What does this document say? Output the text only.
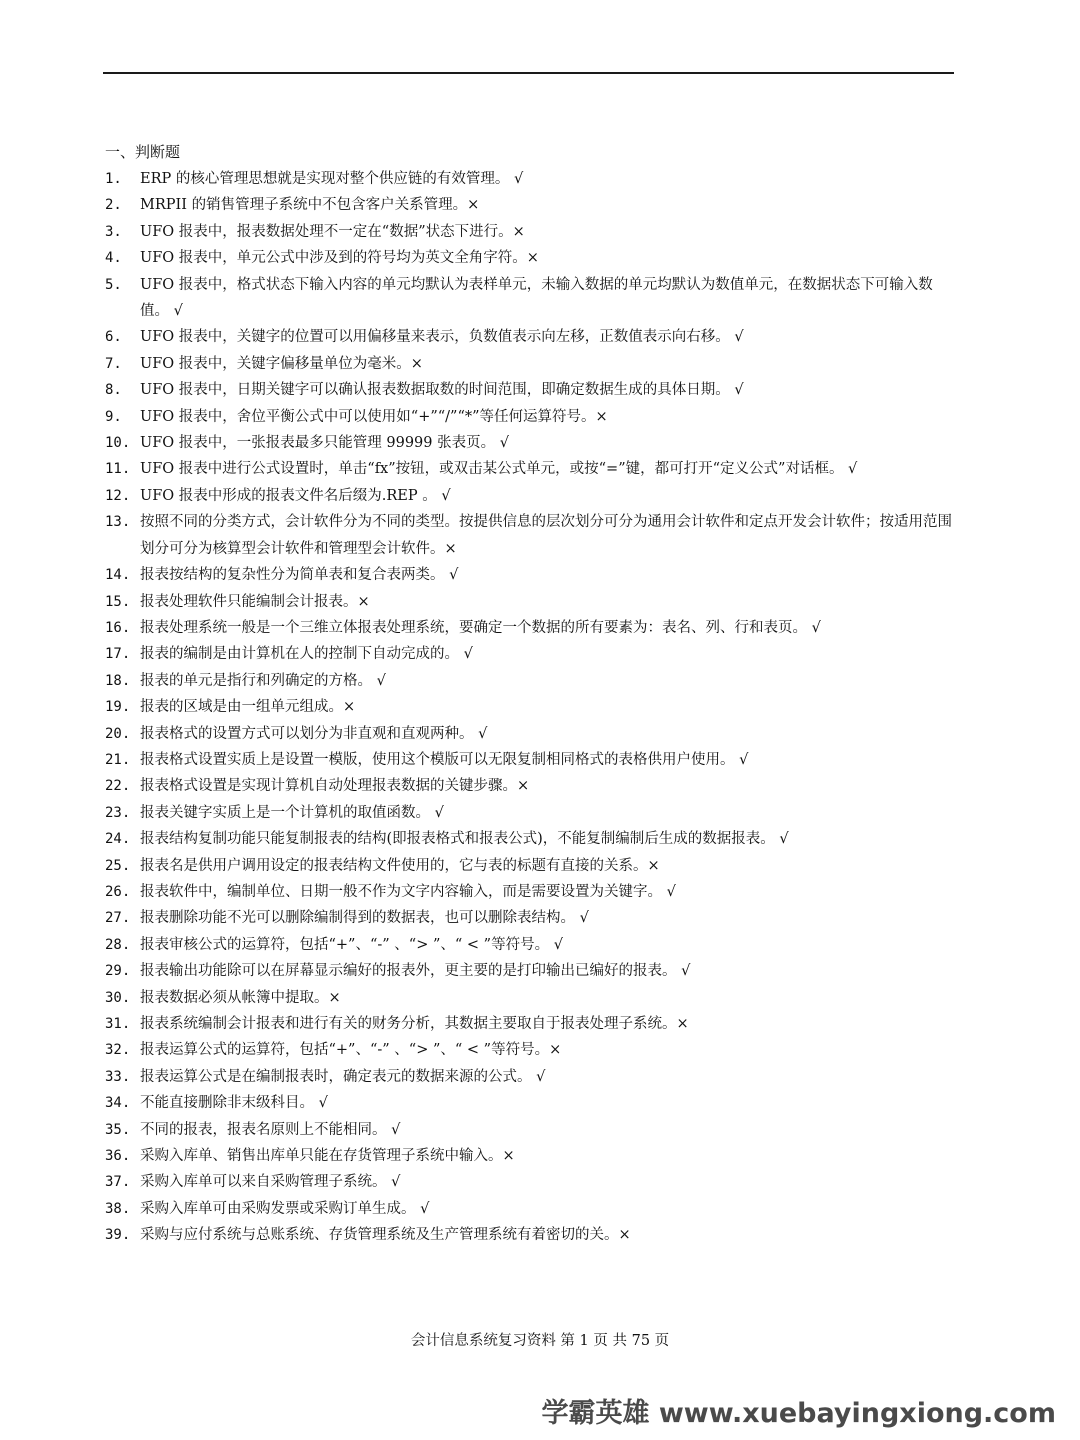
一、判断题
1. ERP 的核心管理思想就是实现对整个供应链的有效管理。 √
2. MRPII 的销售管理子系统中不包含客户关系管理。×
3. UFO 报表中，报表数据处理不一定在“数据”状态下进行。×
4. UFO 报表中，单元公式中涉及到的符号均为英文全角字符。×
5. UFO 报表中，格式状态下输入内容的单元均默认为表样单元，未输入数据的单元均默认为数值单元，在数据状态下可输入数值。 √
6. UFO 报表中，关键字的位置可以用偏移量来表示，负数值表示向左移，正数值表示向右移。 √
7. UFO 报表中，关键字偏移量单位为毫米。×
8. UFO 报表中，日期关键字可以确认报表数据取数的时间范围，即确定数据生成的具体日期。 √
9. UFO 报表中，舍位平衡公式中可以使用如“+”“/”“*”等任何运算符号。×
10. UFO 报表中，一张报表最多只能管理 99999 张表页。 √
11. UFO 报表中进行公式设置时，单击“fx”按钮，或双击某公式单元，或按“=”键，都可打开“定义公式”对话框。 √
12. UFO 报表中形成的报表文件名后缀为.REP 。 √
13. 按照不同的分类方式，会计软件分为不同的类型。按提供信息的层次划分可分为通用会计软件和定点开发会计软件；按适用范围划分可分为核算型会计软件和管理型会计软件。×
14. 报表按结构的复杂性分为简单表和复合表两类。 √
15. 报表处理软件只能编制会计报表。×
16. 报表处理系统一般是一个三维立体报表处理系统，要确定一个数据的所有要素为：表名、列、行和表页。 √
17. 报表的编制是由计算机在人的控制下自动完成的。 √
18. 报表的单元是指行和列确定的方格。 √
19. 报表的区域是由一组单元组成。×
20. 报表格式的设置方式可以划分为非直观和直观两种。 √
21. 报表格式设置实质上是设置一模版，使用这个模版可以无限复制相同格式的表格供用户使用。 √
22. 报表格式设置是实现计算机自动处理报表数据的关键步骤。×
23. 报表关键字实质上是一个计算机的取值函数。 √
24. 报表结构复制功能只能复制报表的结构(即报表格式和报表公式)，不能复制编制后生成的数据报表。 √
25. 报表名是供用户调用设定的报表结构文件使用的，它与表的标题有直接的关系。×
26. 报表软件中，编制单位、日期一般不作为文字内容输入，而是需要设置为关键字。 √
27. 报表删除功能不光可以删除编制得到的数据表，也可以删除表结构。 √
28. 报表审核公式的运算符，包括“+”、“-” 、“> ”、“ < ”等符号。 √
29. 报表输出功能除可以在屏幕显示编好的报表外，更主要的是打印输出已编好的报表。 √
30. 报表数据必须从帐簿中提取。×
31. 报表系统编制会计报表和进行有关的财务分析，其数据主要取自于报表处理子系统。×
32. 报表运算公式的运算符，包括“+”、“-” 、“> ”、“ < ”等符号。×
33. 报表运算公式是在编制报表时，确定表元的数据来源的公式。 √
34. 不能直接删除非末级科目。 √
35. 不同的报表，报表名原则上不能相同。 √
36. 采购入库单、销售出库单只能在存货管理子系统中输入。×
37. 采购入库单可以来自采购管理子系统。 √
38. 采购入库单可由采购发票或采购订单生成。 √
39. 采购与应付系统与总账系统、存货管理系统及生产管理系统有着密切的关。×
会计信息系统复习资料 第 1 页 共 75 页
学霸英雄 www.xuebayingxiong.com
